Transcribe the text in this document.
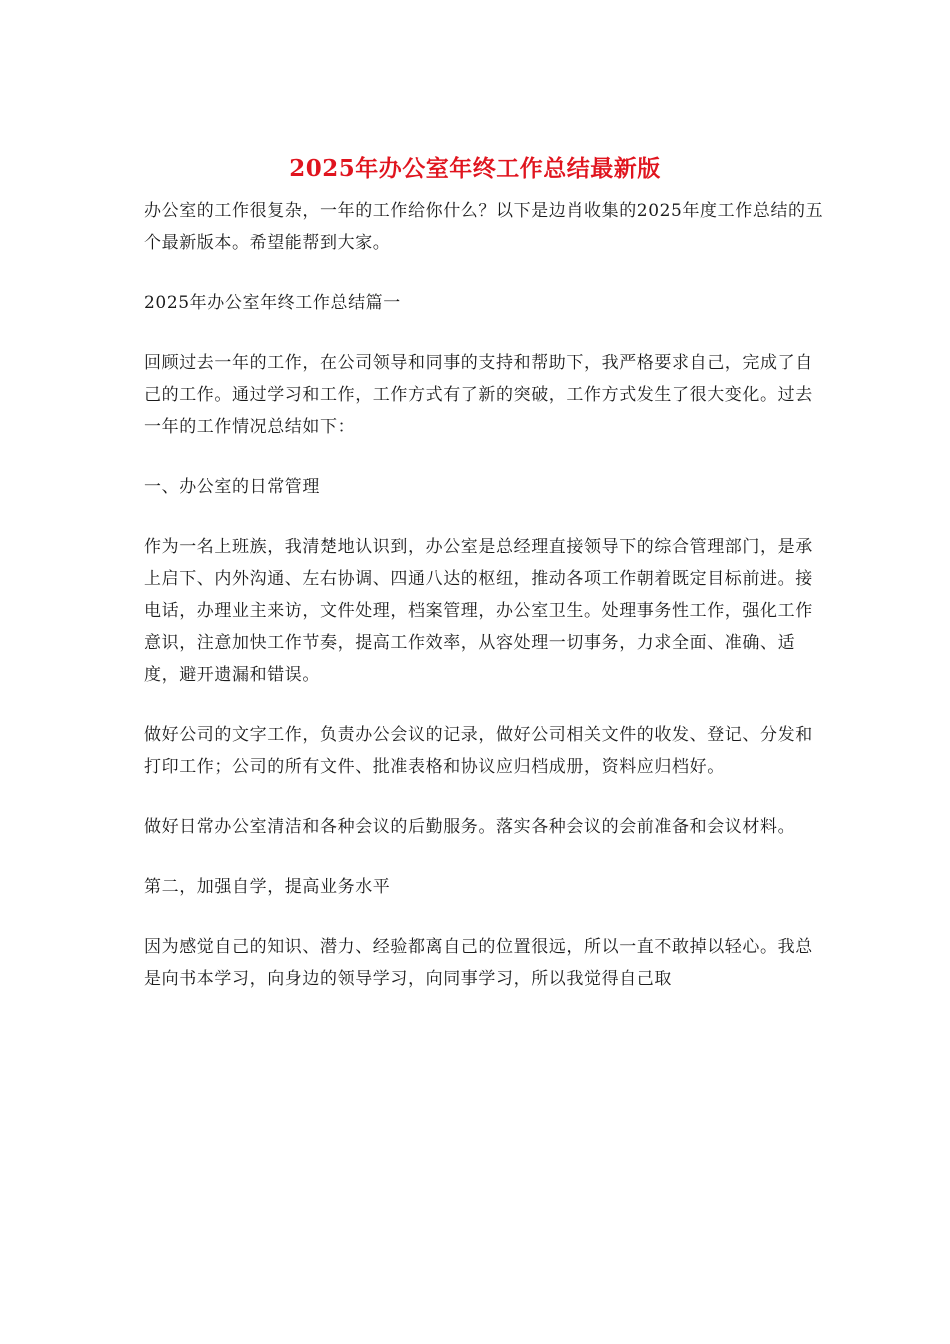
2025年办公室年终工作总结最新版

办公室的工作很复杂，一年的工作给你什么？以下是边肖收集的2025年度工作总结的五个最新版本。希望能帮到大家。

2025年办公室年终工作总结篇一

回顾过去一年的工作，在公司领导和同事的支持和帮助下，我严格要求自己，完成了自己的工作。通过学习和工作，工作方式有了新的突破，工作方式发生了很大变化。过去一年的工作情况总结如下：

一、办公室的日常管理

作为一名上班族，我清楚地认识到，办公室是总经理直接领导下的综合管理部门，是承上启下、内外沟通、左右协调、四通八达的枢纽，推动各项工作朝着既定目标前进。接电话，办理业主来访，文件处理，档案管理，办公室卫生。处理事务性工作，强化工作意识，注意加快工作节奏，提高工作效率，从容处理一切事务，力求全面、准确、适度，避开遗漏和错误。

做好公司的文字工作，负责办公会议的记录，做好公司相关文件的收发、登记、分发和打印工作；公司的所有文件、批准表格和协议应归档成册，资料应归档好。

做好日常办公室清洁和各种会议的后勤服务。落实各种会议的会前准备和会议材料。

第二，加强自学，提高业务水平

因为感觉自己的知识、潜力、经验都离自己的位置很远，所以一直不敢掉以轻心。我总是向书本学习，向身边的领导学习，向同事学习，所以我觉得自己取
